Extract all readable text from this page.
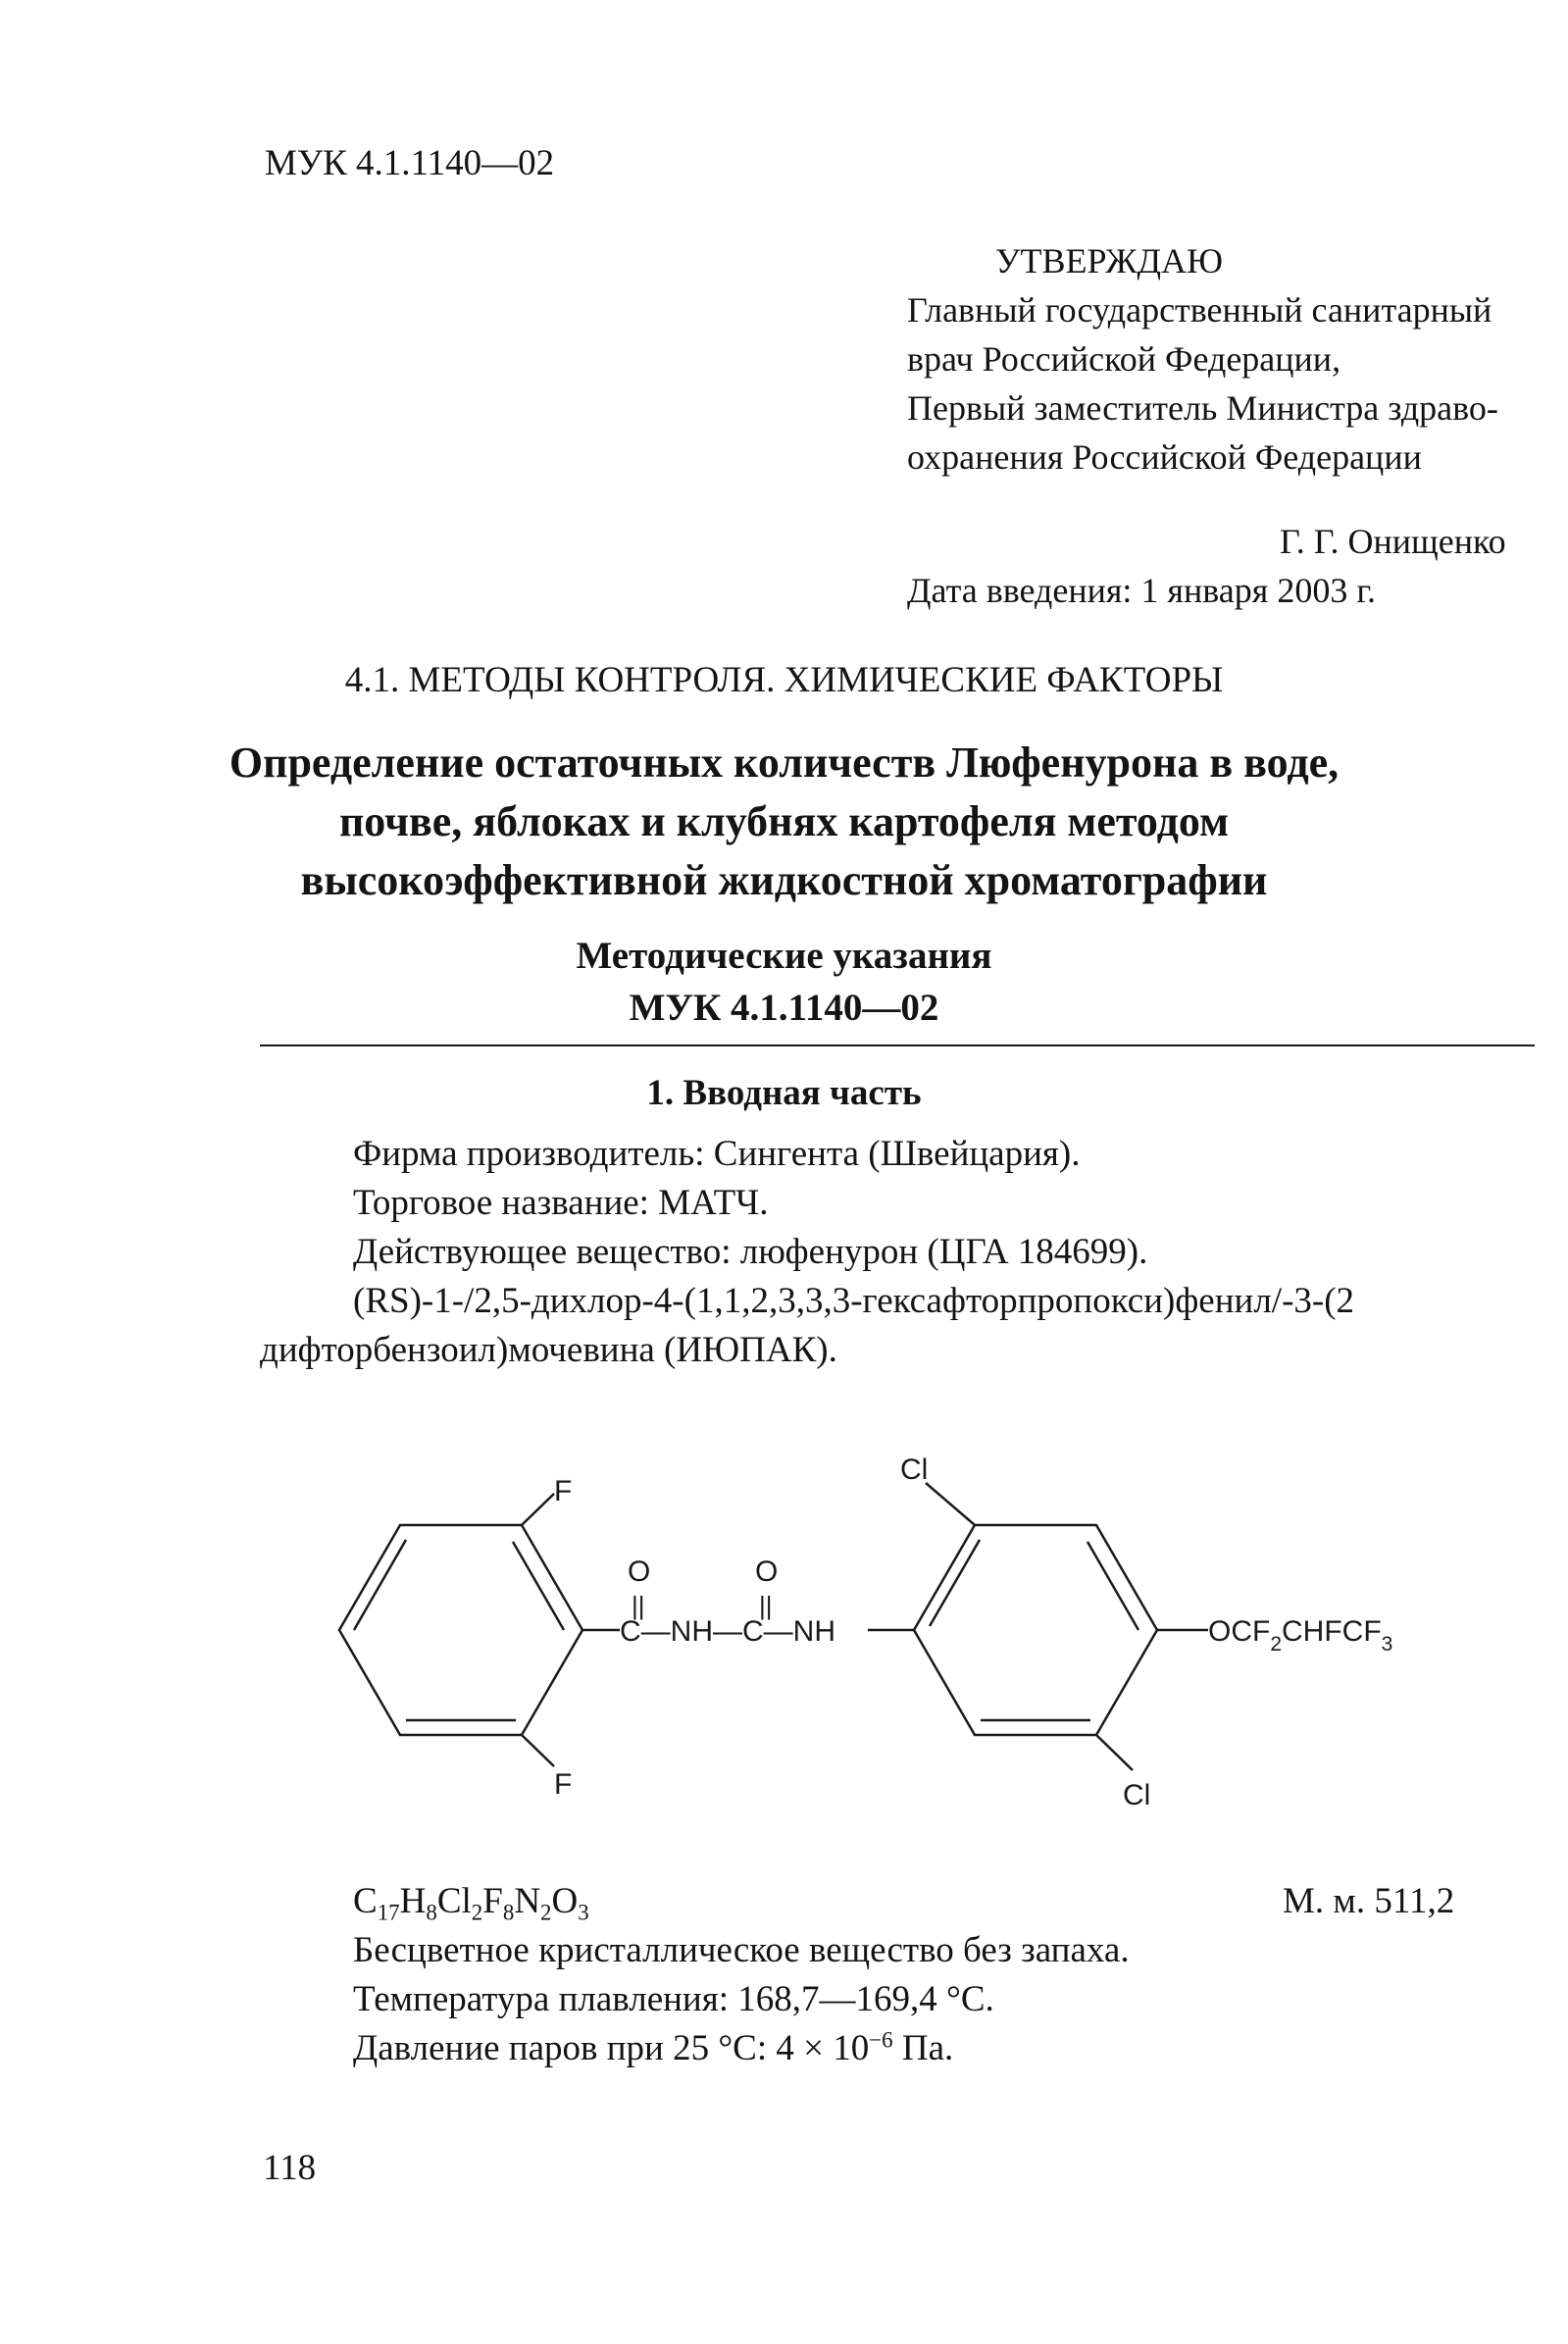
МУК 4.1.1140—02
УТВЕРЖДАЮ
Главный государственный санитарный
врач Российской Федерации,
Первый заместитель Министра здраво-
охранения Российской Федерации
Г. Г. Онищенко
Дата введения: 1 января 2003 г.
4.1. МЕТОДЫ КОНТРОЛЯ. ХИМИЧЕСКИЕ ФАКТОРЫ
Определение остаточных количеств Люфенурона в воде,
почве, яблоках и клубнях картофеля методом
высокоэффективной жидкостной хроматографии
Методические указания
МУК 4.1.1140—02
1. Вводная часть
Фирма производитель: Сингента (Швейцария).
Торговое название: МАТЧ.
Действующее вещество: люфенурон (ЦГА 184699).
(RS)-1-/2,5-дихлор-4-(1,1,2,3,3,3-гексафторпропокси)фенил/-3-(2
дифторбензоил)мочевина (ИЮПАК).
F
F
O
||
O
||
C—NH—C—NH
Cl
Cl
$OCF_2CHFCF_3$
$C_{17}H_8Cl_2F_8N_2O_3$	М. м. 511,2
Бесцветное кристаллическое вещество без запаха.
Температура плавления: 168,7—169,4 °С.
Давление паров при 25 °С: $4 \times 10^{-6}$ Па.
118
